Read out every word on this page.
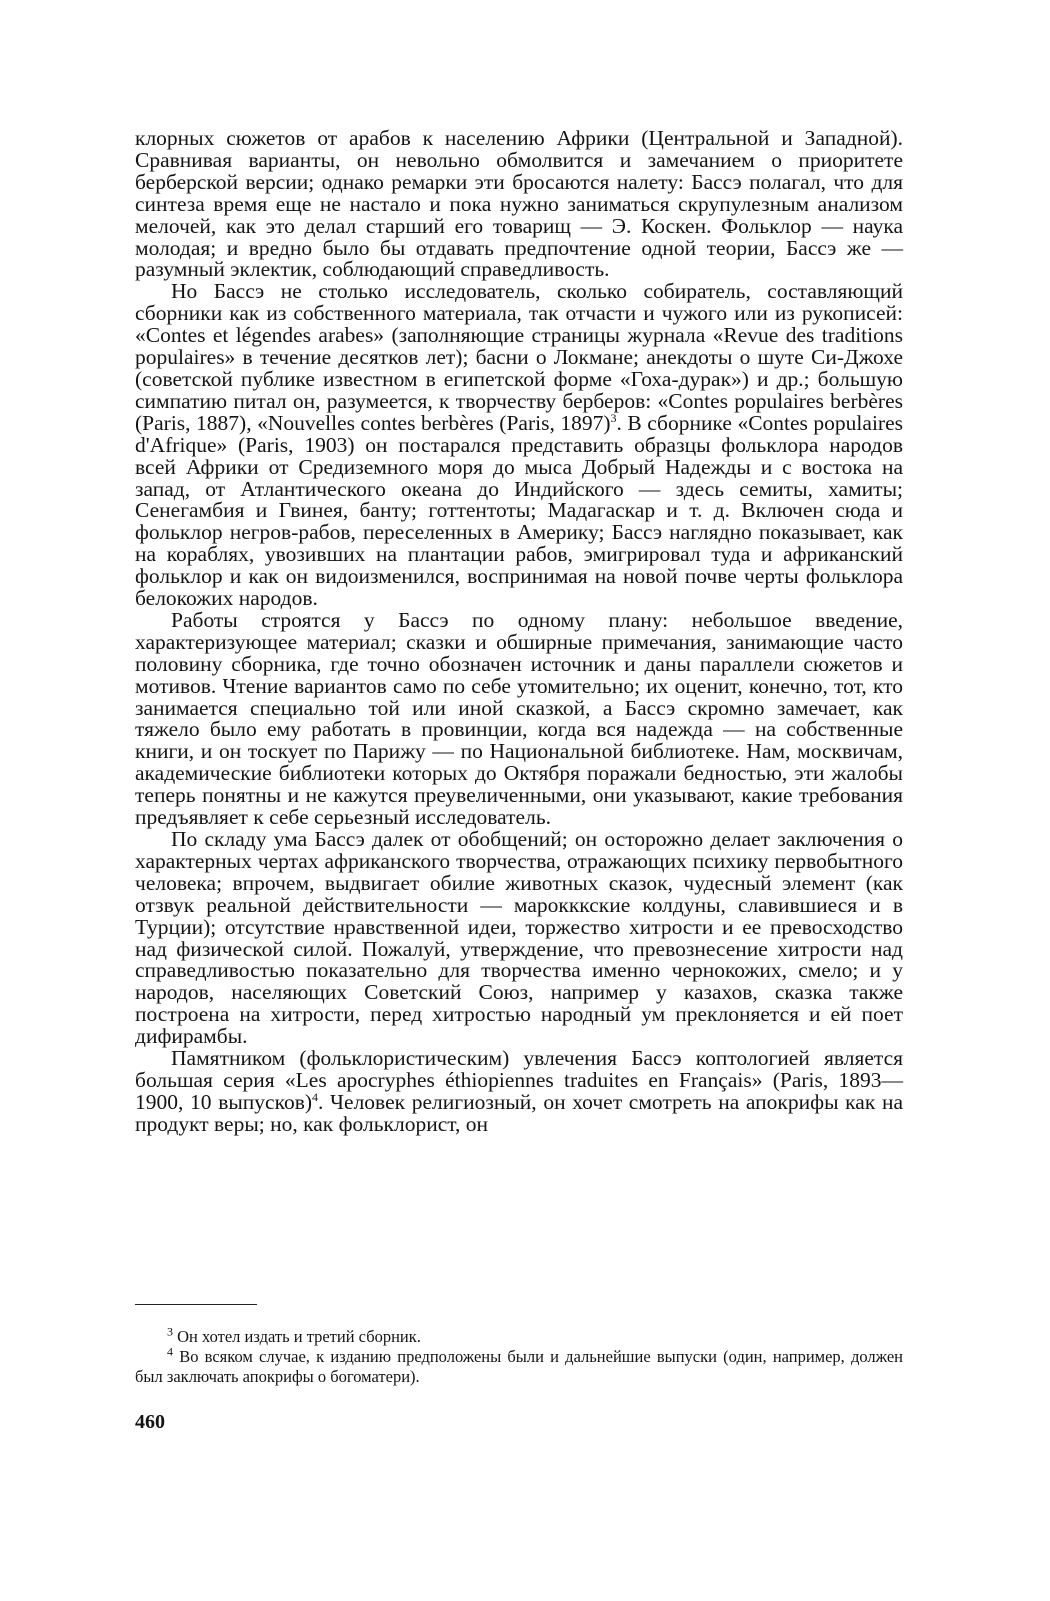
клорных сюжетов от арабов к населению Африки (Центральной и Западной). Сравнивая варианты, он невольно обмолвится и замечанием о приоритете берберской версии; однако ремарки эти бросаются налету: Бассэ полагал, что для синтеза время еще не настало и пока нужно заниматься скрупулезным анализом мелочей, как это делал старший его товарищ — Э. Коскен. Фольклор — наука молодая; и вредно было бы отдавать предпочтение одной теории, Бассэ же — разумный эклектик, соблюдающий справедливость.

Но Бассэ не столько исследователь, сколько собиратель, составляющий сборники как из собственного материала, так отчасти и чужого или из рукописей: «Contes et légendes arabes» (заполняющие страницы журнала «Revue des traditions populaires» в течение десятков лет); басни о Локмане; анекдоты о шуте Си-Джохе (советской публике известном в египетской форме «Гоха-дурак») и др.; большую симпатию питал он, разумеется, к творчеству берберов: «Contes populaires berbères (Paris, 1887), «Nouvelles contes berbères (Paris, 1897)$^3$. В сборнике «Contes populaires d'Afrique» (Paris, 1903) он постарался представить образцы фольклора народов всей Африки от Средиземного моря до мыса Добрый Надежды и с востока на запад, от Атлантического океана до Индийского — здесь семиты, хамиты; Сенегамбия и Гвинея, банту; готтентоты; Мадагаскар и т. д. Включен сюда и фольклор негров-рабов, переселенных в Америку; Бассэ наглядно показывает, как на кораблях, увозивших на плантации рабов, эмигрировал туда и африканский фольклор и как он видоизменился, воспринимая на новой почве черты фольклора белокожих народов.

Работы строятся у Бассэ по одному плану: небольшое введение, характеризующее материал; сказки и обширные примечания, занимающие часто половину сборника, где точно обозначен источник и даны параллели сюжетов и мотивов. Чтение вариантов само по себе утомительно; их оценит, конечно, тот, кто занимается специально той или иной сказкой, а Бассэ скромно замечает, как тяжело было ему работать в провинции, когда вся надежда — на собственные книги, и он тоскует по Парижу — по Национальной библиотеке. Нам, москвичам, академические библиотеки которых до Октября поражали бедностью, эти жалобы теперь понятны и не кажутся преувеличенными, они указывают, какие требования предъявляет к себе серьезный исследователь.

По складу ума Бассэ далек от обобщений; он осторожно делает заключения о характерных чертах африканского творчества, отражающих психику первобытного человека; впрочем, выдвигает обилие животных сказок, чудесный элемент (как отзвук реальной действительности — марокккские колдуны, славившиеся и в Турции); отсутствие нравственной идеи, торжество хитрости и ее превосходство над физической силой. Пожалуй, утверждение, что превознесение хитрости над справедливостью показательно для творчества именно чернокожих, смело; и у народов, населяющих Советский Союз, например у казахов, сказка также построена на хитрости, перед хитростью народный ум преклоняется и ей поет дифирамбы.

Памятником (фольклористическим) увлечения Бассэ коптологией является большая серия «Les apocryphes éthiopiennes traduites en Français» (Paris, 1893—1900, 10 выпусков)$^4$. Человек религиозный, он хочет смотреть на апокрифы как на продукт веры; но, как фольклорист, он

$^3$ Он хотел издать и третий сборник.

$^4$ Во всяком случае, к изданию предположены были и дальнейшие выпуски (один, например, должен был заключать апокрифы о богоматери).

460
